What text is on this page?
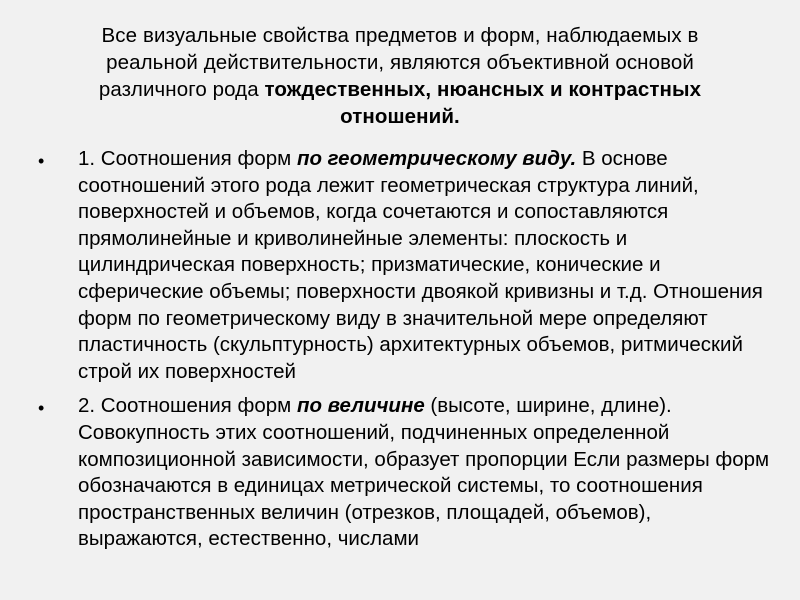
Все визуальные свойства предметов и форм, наблюдаемых в реальной действительности, являются объективной основой различного рода тождественных, нюансных и контрастных отношений.
• 1. Соотношения форм по геометрическому виду. В основе соотношений этого рода лежит геометрическая структура линий, поверхностей и объемов, когда сочетаются и сопоставляются прямолинейные и криволинейные элементы: плоскость и цилиндрическая поверхность; призматические, конические и сферические объемы; поверхности двоякой кривизны и т.д. Отношения форм по геометрическому виду в значительной мере определяют пластичность (скульптурность) архитектурных объемов, ритмический строй их поверхностей
• 2. Соотношения форм по величине (высоте, ширине, длине). Совокупность этих соотношений, подчиненных определенной композиционной зависимости, образует пропорции Если размеры форм обозначаются в единицах метрической системы, то соотношения пространственных величин (отрезков, площадей, объемов), выражаются, естественно, числами
